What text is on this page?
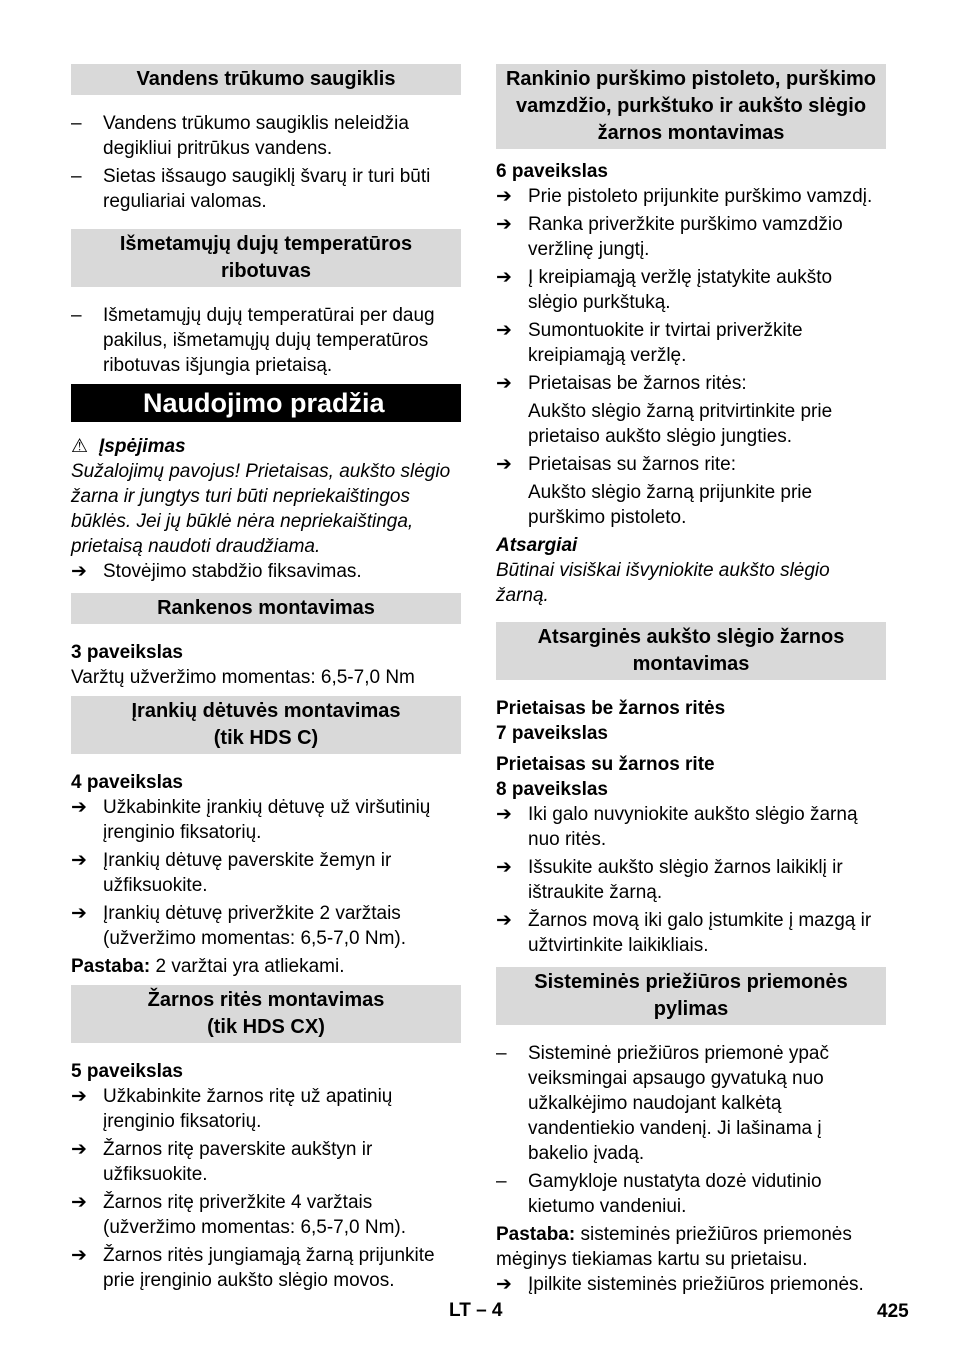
Vandens trūkumo saugiklis
– Vandens trūkumo saugiklis neleidžia degikliui pritrūkus vandens.
– Sietas išsaugo saugiklį švarų ir turi būti reguliariai valomas.
Išmetamųjų dujų temperatūros ribotuvas
– Išmetamųjų dujų temperatūrai per daug pakilus, išmetamųjų dujų temperatūros ribotuvas išjungia prietaisą.
Naudojimo pradžia
⚠ Įspėjimas

Sužalojimų pavojus! Prietaisas, aukšto slėgio žarna ir jungtys turi būti nepriekaištingos būklės. Jei jų būklė nėra nepriekaištinga, prietaisą naudoti draudžiama.

➔ Stovėjimo stabdžio fiksavimas.
Rankenos montavimas

3 paveikslas

Varžtų užveržimo momentas: 6,5-7,0 Nm

Įrankių dėtuvės montavimas
(tik HDS C)

4 paveikslas

➔ Užkabinkite įrankių dėtuvę už viršutinių įrenginio fiksatorių.
➔ Įrankių dėtuvę paverskite žemyn ir užfiksuokite.
➔ Įrankių dėtuvę priveržkite 2 varžtais (užveržimo momentas: 6,5-7,0 Nm).

Pastaba: 2 varžtai yra atliekami.

Žarnos ritės montavimas
(tik HDS CX)

5 paveikslas

➔ Užkabinkite žarnos ritę už apatinių įrenginio fiksatorių.
➔ Žarnos ritę paverskite aukštyn ir užfiksuokite.
➔ Žarnos ritę priveržkite 4 varžtais (užveržimo momentas: 6,5-7,0 Nm).
➔ Žarnos ritės jungiamąją žarną prijunkite prie įrenginio aukšto slėgio movos.
Rankinio purškimo pistoleto, purškimo vamzdžio, purkštuko ir aukšto slėgio žarnos montavimas

6 paveikslas

➔ Prie pistoleto prijunkite purškimo vamzdį.
➔ Ranka priveržkite purškimo vamzdžio veržlinę jungtį.
➔ Į kreipiamąją veržlę įstatykite aukšto slėgio purkštuką.
➔ Sumontuokite ir tvirtai priveržkite kreipiamąją veržlę.
➔ Prietaisas be žarnos ritės:
Aukšto slėgio žarną pritvirtinkite prie prietaiso aukšto slėgio jungties.
➔ Prietaisas su žarnos rite:
Aukšto slėgio žarną prijunkite prie purškimo pistoleto.

Atsargiai

Būtinai visiškai išvyniokite aukšto slėgio žarną.

Atsarginės aukšto slėgio žarnos montavimas

Prietaisas be žarnos ritės

7 paveikslas

Prietaisas su žarnos rite

8 paveikslas

➔ Iki galo nuvyniokite aukšto slėgio žarną nuo ritės.
➔ Išsukite aukšto slėgio žarnos laikiklį ir ištraukite žarną.
➔ Žarnos movą iki galo įstumkite į mazgą ir užtvirtinkite laikikliais.
Sisteminės priežiūros priemonės pylimas
– Sisteminė priežiūros priemonė ypač veiksmingai apsaugo gyvatuką nuo užkalkėjimo naudojant kalkėtą vandentiekio vandenį. Ji lašinama į bakelio įvadą.
– Gamykloje nustatyta dozė vidutinio kietumo vandeniui.

Pastaba: sisteminės priežiūros priemonės mėginys tiekiamas kartu su prietaisu.

➔ Įpilkite sisteminės priežiūros priemonės.
LT – 4	425
